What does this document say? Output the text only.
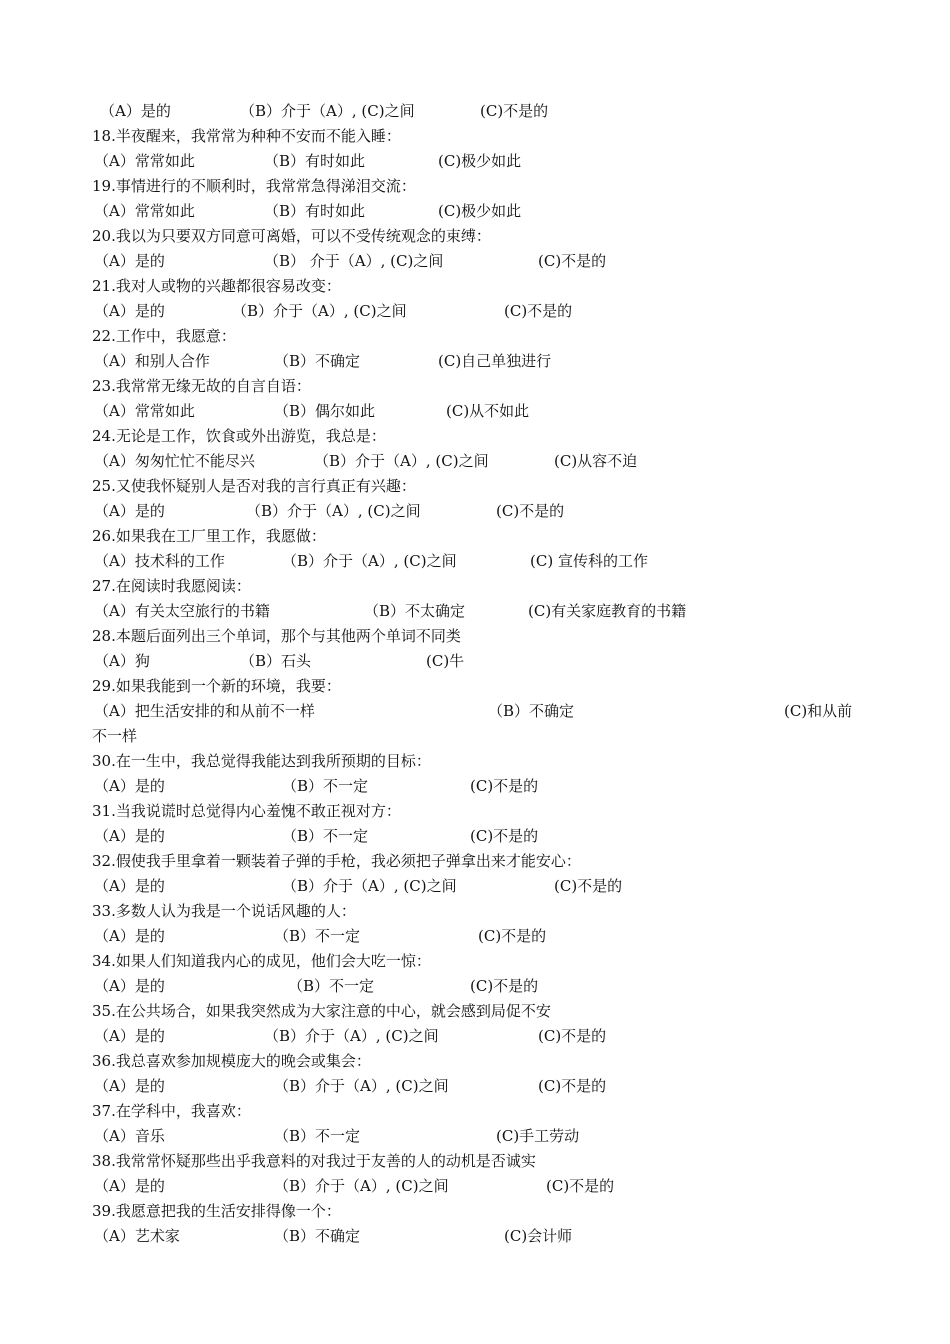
（A）是的	（B）介于（A）, (C)之间	(C)不是的
18.半夜醒来，我常常为种种不安而不能入睡：
（A）常常如此	（B）有时如此	(C)极少如此
19.事情进行的不顺利时，我常常急得涕泪交流：
（A）常常如此	（B）有时如此	(C)极少如此
20.我以为只要双方同意可离婚，可以不受传统观念的束缚：
（A）是的	（B） 介于（A）, (C)之间	(C)不是的
21.我对人或物的兴趣都很容易改变：
（A）是的	（B）介于（A）, (C)之间	(C)不是的
22.工作中，我愿意：
（A）和别人合作	（B）不确定	(C)自己单独进行
23.我常常无缘无故的自言自语：
（A）常常如此	（B）偶尔如此	(C)从不如此
24.无论是工作，饮食或外出游览，我总是：
（A）匆匆忙忙不能尽兴	（B）介于（A）, (C)之间	(C)从容不迫
25.又使我怀疑别人是否对我的言行真正有兴趣：
（A）是的	（B）介于（A）, (C)之间	(C)不是的
26.如果我在工厂里工作，我愿做：
（A）技术科的工作	（B）介于（A）, (C)之间	(C) 宣传科的工作
27.在阅读时我愿阅读：
（A）有关太空旅行的书籍	（B）不太确定	(C)有关家庭教育的书籍
28.本题后面列出三个单词，那个与其他两个单词不同类
（A）狗	（B）石头	(C)牛
29.如果我能到一个新的环境，我要：
（A）把生活安排的和从前不一样	（B）不确定	(C)和从前
不一样
30.在一生中，我总觉得我能达到我所预期的目标：
（A）是的	（B）不一定	(C)不是的
31.当我说谎时总觉得内心羞愧不敢正视对方：
（A）是的	（B）不一定	(C)不是的
32.假使我手里拿着一颗装着子弹的手枪，我必须把子弹拿出来才能安心：
（A）是的	（B）介于（A）, (C)之间	(C)不是的
33.多数人认为我是一个说话风趣的人：
（A）是的	（B）不一定	(C)不是的
34.如果人们知道我内心的成见，他们会大吃一惊：
（A）是的	（B）不一定	(C)不是的
35.在公共场合，如果我突然成为大家注意的中心，就会感到局促不安
（A）是的	（B）介于（A）, (C)之间	(C)不是的
36.我总喜欢参加规模庞大的晚会或集会：
（A）是的	（B）介于（A）, (C)之间	(C)不是的
37.在学科中，我喜欢：
（A）音乐	（B）不一定	(C)手工劳动
38.我常常怀疑那些出乎我意料的对我过于友善的人的动机是否诚实
（A）是的	（B）介于（A）, (C)之间	(C)不是的
39.我愿意把我的生活安排得像一个：
（A）艺术家	（B）不确定	(C)会计师
